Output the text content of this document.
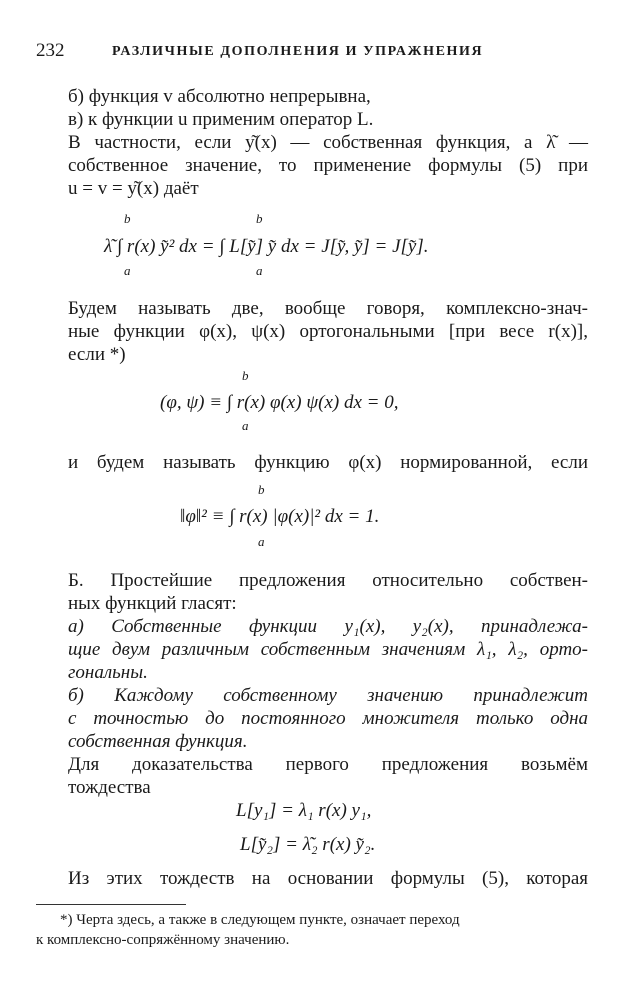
232	РАЗЛИЧНЫЕ ДОПОЛНЕНИЯ И УПРАЖНЕНИЯ
б) функция v абсолютно непрерывна,
в) к функции u применим оператор L.
В частности, если y͂(x) — собственная функция, а λ͂ —
собственное значение, то применение формулы (5) при
u = v = y͂(x) даёт
b
a
b
a
λ͂ ∫ r(x) y͂² dx = ∫ L[y͂] y͂ dx = J[y͂, y͂] = J[y͂].
Будем называть две, вообще говоря, комплексно-знач-
ные функции φ(x), ψ(x) ортогональными [при весе r(x)],
если *)
b
a
(φ, ψ) ≡ ∫ r(x) φ(x) ψ(x) dx = 0,
и будем называть функцию φ(x) нормированной, если
b
a
‖φ‖² ≡ ∫ r(x) |φ(x)|² dx = 1.
Б. Простейшие предложения относительно собствен-
ных функций гласят:
а) Собственные функции y₁(x), y₂(x), принадлежа-
щие двум различным собственным значениям λ₁, λ₂, орто-
гональны.
б) Каждому собственному значению принадлежит
с точностью до постоянного множителя только одна
собственная функция.
Для доказательства первого предложения возьмём
тождества
L[y₁] = λ₁ r(x) y₁,
L[y͂₂] = λ͂₂ r(x) y͂₂.
Из этих тождеств на основании формулы (5), которая
*) Черта здесь, а также в следующем пункте, означает переход
к комплексно-сопряжённому значению.
